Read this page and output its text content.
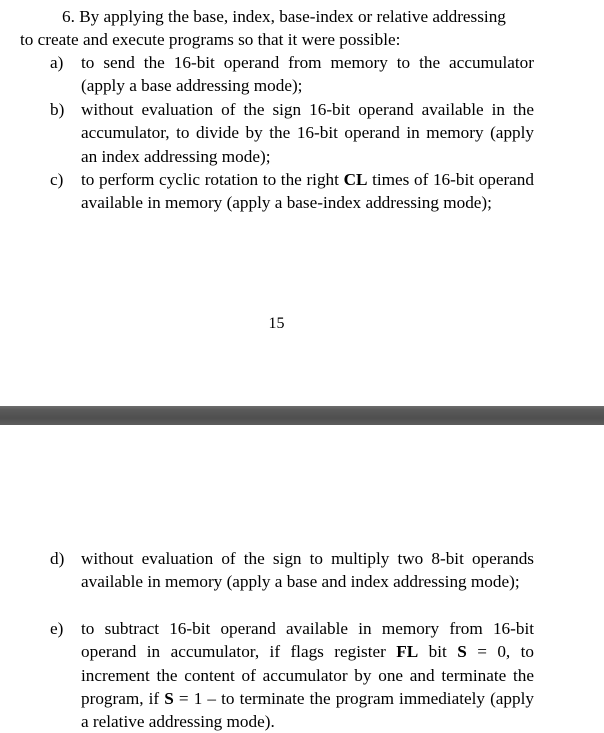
6. By applying the base, index, base-index or relative addressing
to create and execute programs so that it were possible:
a)	to send the 16-bit operand from memory to the accumulator (apply a base addressing mode);
b) without evaluation of the sign 16-bit operand available in the accumulator, to divide by the 16-bit operand in memory (apply an index addressing mode);
c)	to perform cyclic rotation to the right CL times of 16-bit operand available in memory (apply a base-index addressing mode);
15
d) without evaluation of the sign to multiply two 8-bit operands available in memory (apply a base and index addressing mode);
e)	to subtract 16-bit operand available in memory from 16-bit operand in accumulator, if flags register FL bit S = 0, to increment the content of accumulator by one and terminate the program, if S = 1 – to terminate the program immediately (apply a relative addressing mode).
